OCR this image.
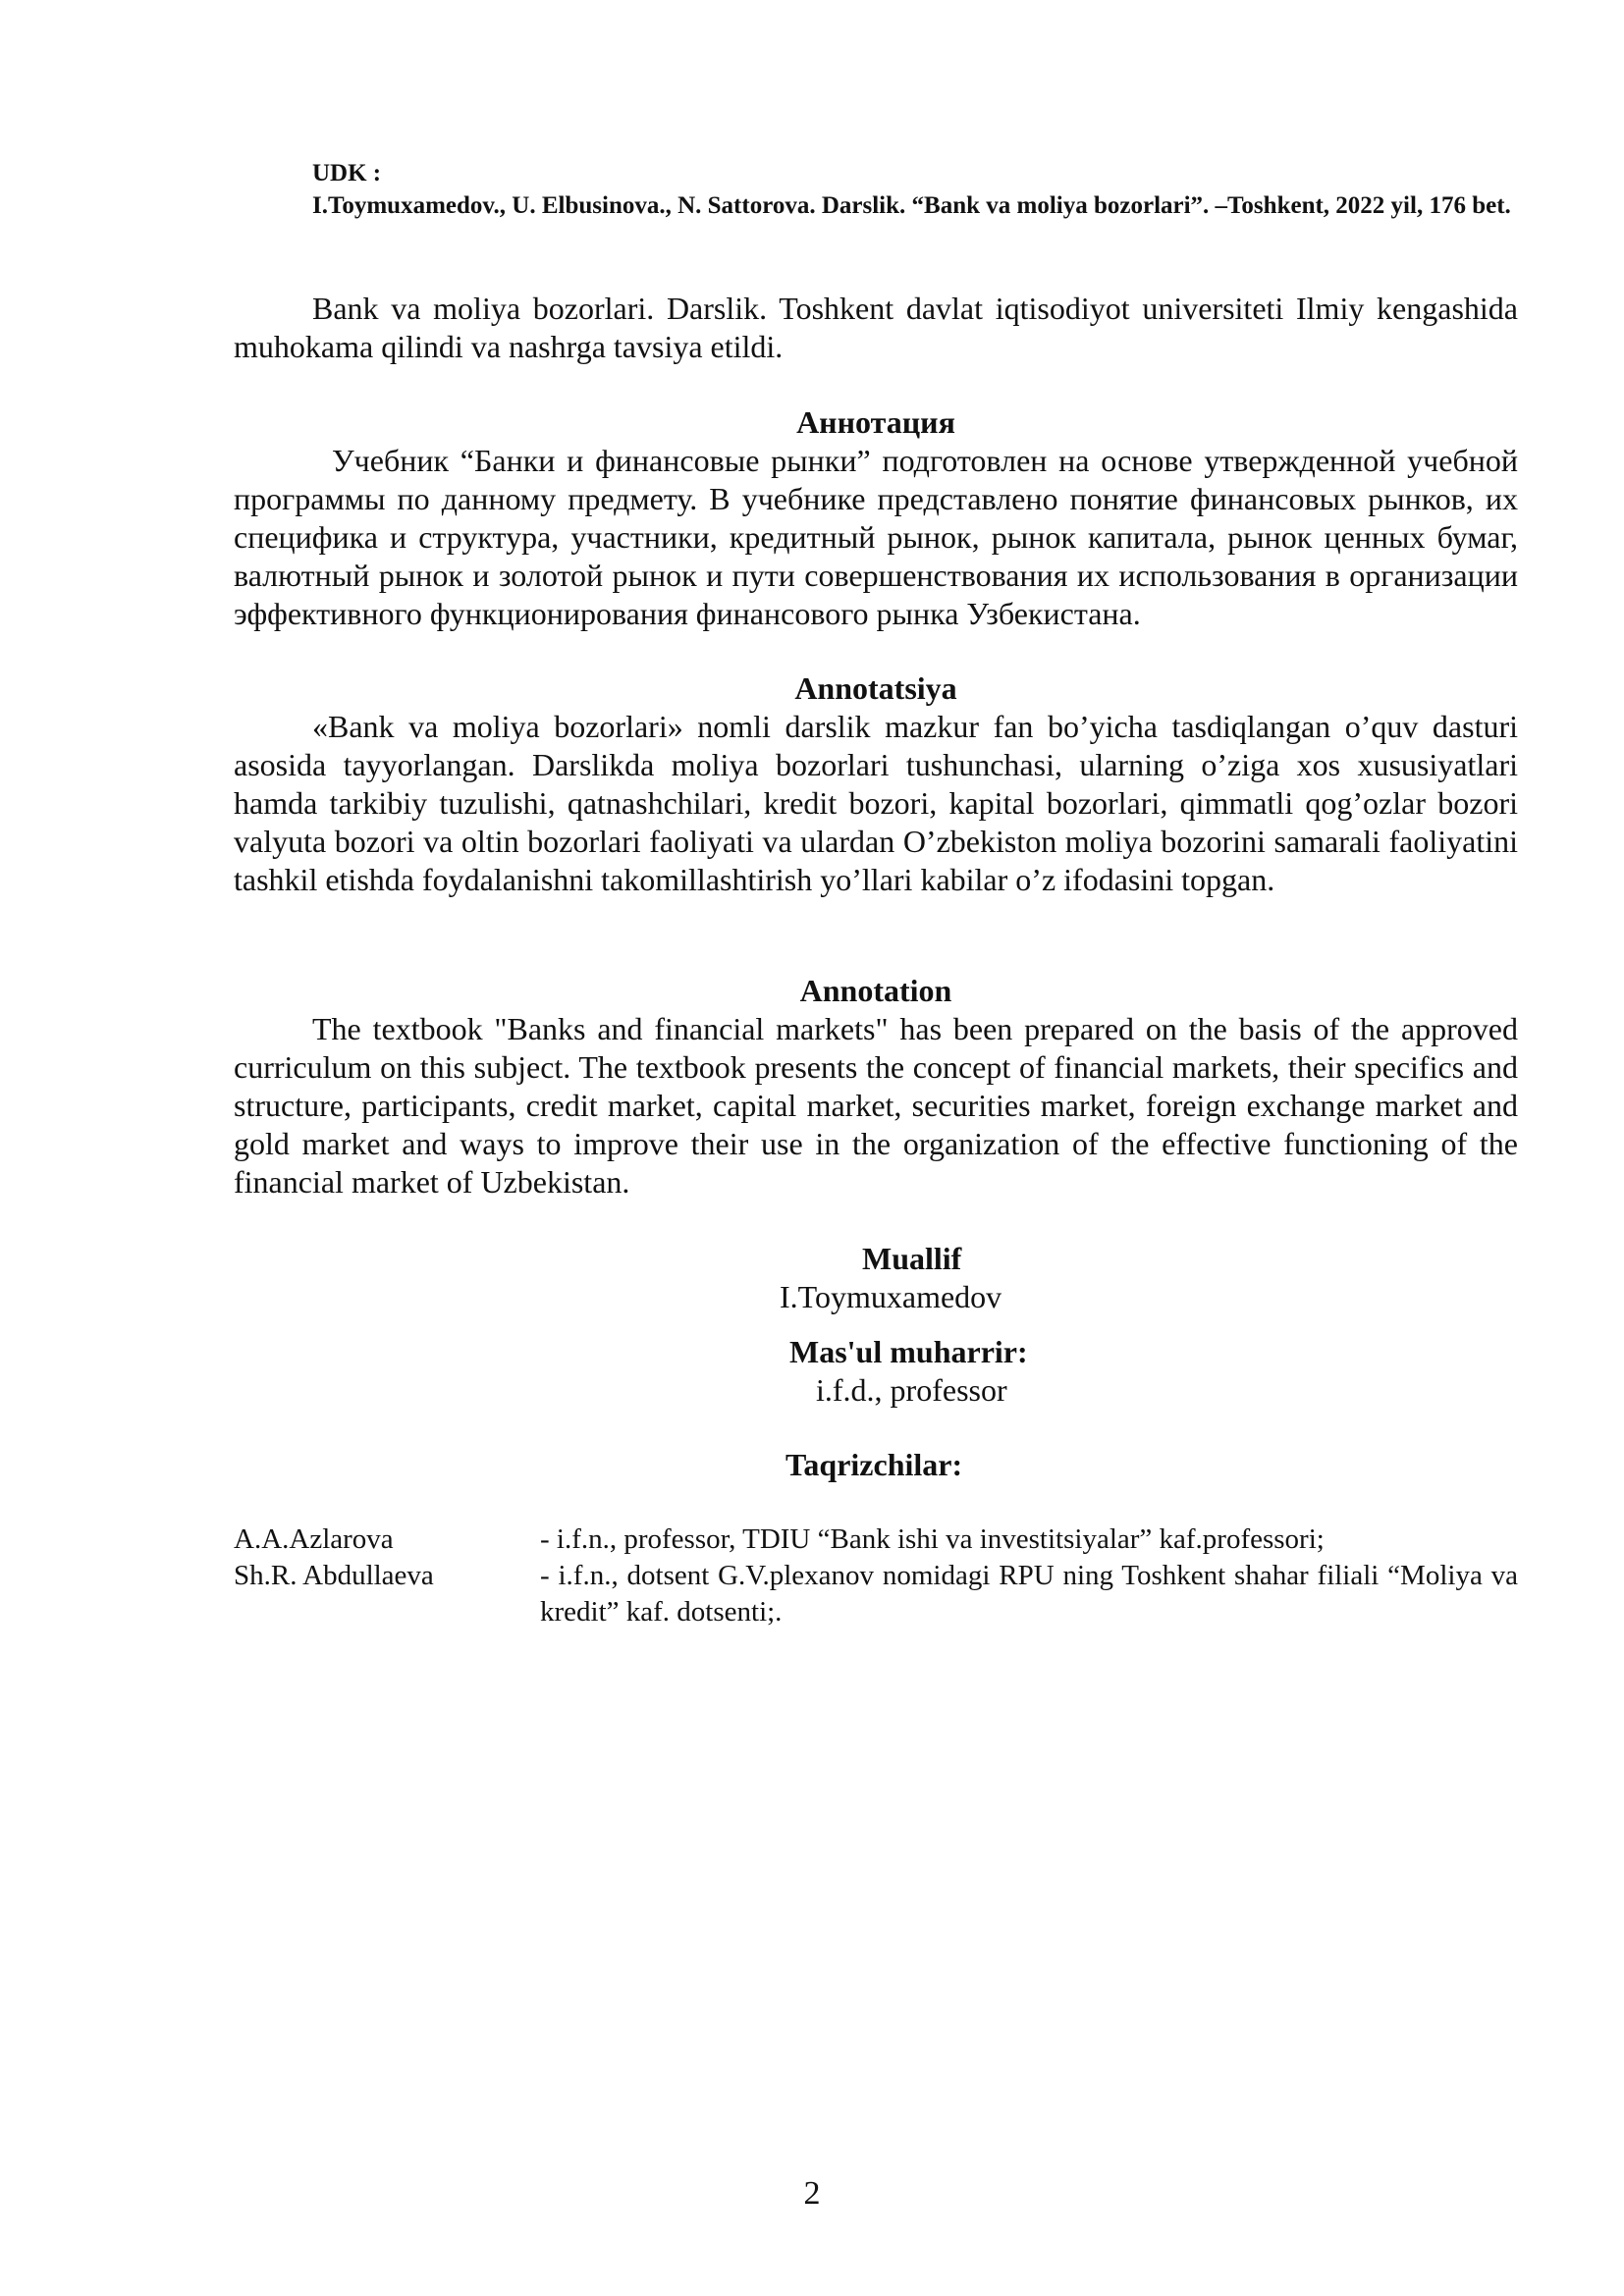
UDK :
I.Toymuxamedov., U. Elbusinova., N. Sattorova. Darslik. “Bank va moliya bozorlari”. –Toshkent, 2022 yil, 176 bet.
Bank va moliya bozorlari. Darslik. Toshkent davlat iqtisodiyot universiteti Ilmiy kengashida muhokama qilindi va nashrga tavsiya etildi.
Аннотация
Учебник “Банки и финансовые рынки” подготовлен на основе утвержденной учебной программы по данному предмету. В учебнике представлено понятие финансовых рынков, их специфика и структура, участники, кредитный рынок, рынок капитала, рынок ценных бумаг, валютный рынок и золотой рынок и пути совершенствования их использования в организации эффективного функционирования финансового рынка Узбекистана.
Annotatsiya
«Bank va moliya bozorlari» nomli darslik mazkur fan bo’yicha tasdiqlangan o’quv dasturi asosida tayyorlangan. Darslikda moliya bozorlari tushunchasi, ularning o’ziga xos xususiyatlari hamda tarkibiy tuzulishi, qatnashchilari, kredit bozori, kapital bozorlari, qimmatli qog’ozlar bozori valyuta bozori va oltin bozorlari faoliyati va ulardan O’zbekiston moliya bozorini samarali faoliyatini tashkil etishda foydalanishni takomillashtirish yo’llari kabilar o’z ifodasini topgan.
Annotation
The textbook "Banks and financial markets" has been prepared on the basis of the approved curriculum on this subject. The textbook presents the concept of financial markets, their specifics and structure, participants, credit market, capital market, securities market, foreign exchange market and gold market and ways to improve their use in the organization of the effective functioning of the financial market of Uzbekistan.
Muallif
I.Toymuxamedov
Mas'ul muharrir:
i.f.d., professor
Taqrizchilar:
A.A.Azlarova	- i.f.n., professor, TDIU “Bank ishi va investitsiyalar” kaf.professori;
Sh.R. Abdullaeva	- i.f.n., dotsent G.V.plexanov nomidagi RPU ning Toshkent shahar filiali “Moliya va kredit” kaf. dotsenti;.
2
